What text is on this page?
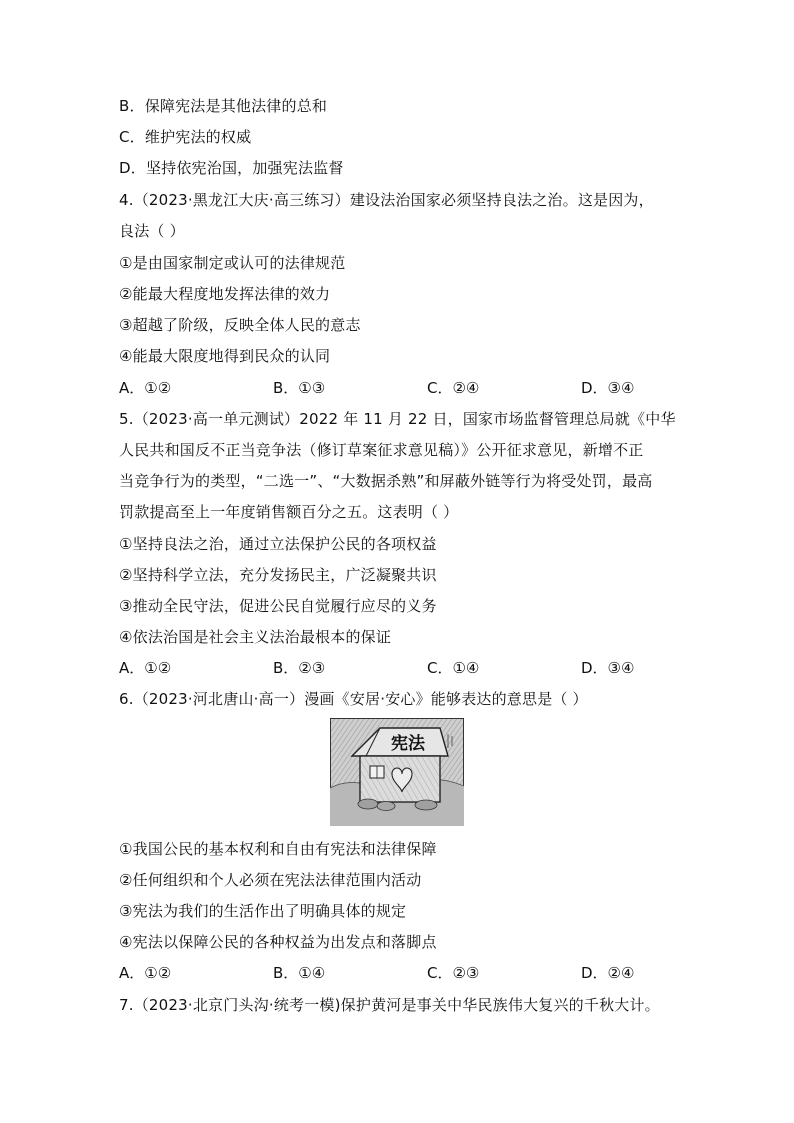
B．保障宪法是其他法律的总和
C．维护宪法的权威
D．坚持依宪治国，加强宪法监督
4.（2023·黑龙江大庆·高三练习）建设法治国家必须坚持良法之治。这是因为，
良法（ ）
①是由国家制定或认可的法律规范
②能最大程度地发挥法律的效力
③超越了阶级，反映全体人民的意志
④能最大限度地得到民众的认同
A．①②	B．①③	C．②④	D．③④
5.（2023·高一单元测试）2022 年 11 月 22 日，国家市场监督管理总局就《中华
人民共和国反不正当竞争法（修订草案征求意见稿）》公开征求意见，新增不正
当竞争行为的类型，“二选一”、“大数据杀熟”和屏蔽外链等行为将受处罚，最高
罚款提高至上一年度销售额百分之五。这表明（ ）
①坚持良法之治，通过立法保护公民的各项权益
②坚持科学立法，充分发扬民主，广泛凝聚共识
③推动全民守法，促进公民自觉履行应尽的义务
④依法治国是社会主义法治最根本的保证
A．①②	B．②③	C．①④	D．③④
6.（2023·河北唐山·高一）漫画《安居·安心》能够表达的意思是（ ）
宪法
①我国公民的基本权利和自由有宪法和法律保障
②任何组织和个人必须在宪法法律范围内活动
③宪法为我们的生活作出了明确具体的规定
④宪法以保障公民的各种权益为出发点和落脚点
A．①②	B．①④	C．②③	D．②④
7.（2023·北京门头沟·统考一模)保护黄河是事关中华民族伟大复兴的千秋大计。
